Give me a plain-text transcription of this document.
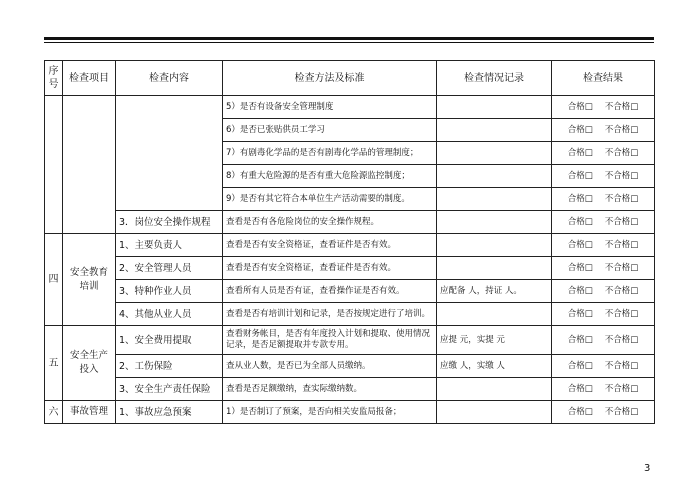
序号	检查项目	检查内容	检查方法及标准	检查情况记录	检查结果
			5）是否有设备安全管理制度		合格□ 不合格□
			6）是否已张贴供员工学习		合格□ 不合格□
			7）有剧毒化学品的是否有剧毒化学品的管理制度；		合格□ 不合格□
			8）有重大危险源的是否有重大危险源监控制度；		合格□ 不合格□
			9）是否有其它符合本单位生产活动需要的制度。		合格□ 不合格□
		3．岗位安全操作规程	查看是否有各危险岗位的安全操作规程。		合格□ 不合格□
四	安全教育培训	1、主要负责人	查看是否有安全资格证，查看证件是否有效。		合格□ 不合格□
		2、安全管理人员	查看是否有安全资格证，查看证件是否有效。		合格□ 不合格□
		3、特种作业人员	查看所有人员是否有证，查看操作证是否有效。	应配备 人，持证 人。	合格□ 不合格□
		4、其他从业人员	查看是否有培训计划和记录，是否按规定进行了培训。		合格□ 不合格□
五	安全生产投入	1、安全费用提取	查看财务帐目，是否有年度投入计划和提取、使用情况记录，是否足额提取并专款专用。	应提 元，实提 元	合格□ 不合格□
		2、工伤保险	查从业人数，是否已为全部人员缴纳。	应缴 人，实缴 人	合格□ 不合格□
		3、安全生产责任保险	查看是否足额缴纳，查实际缴纳数。		合格□ 不合格□
六	事故管理	1、事故应急预案	1）是否制订了预案，是否向相关安监局报备；		合格□ 不合格□
3
